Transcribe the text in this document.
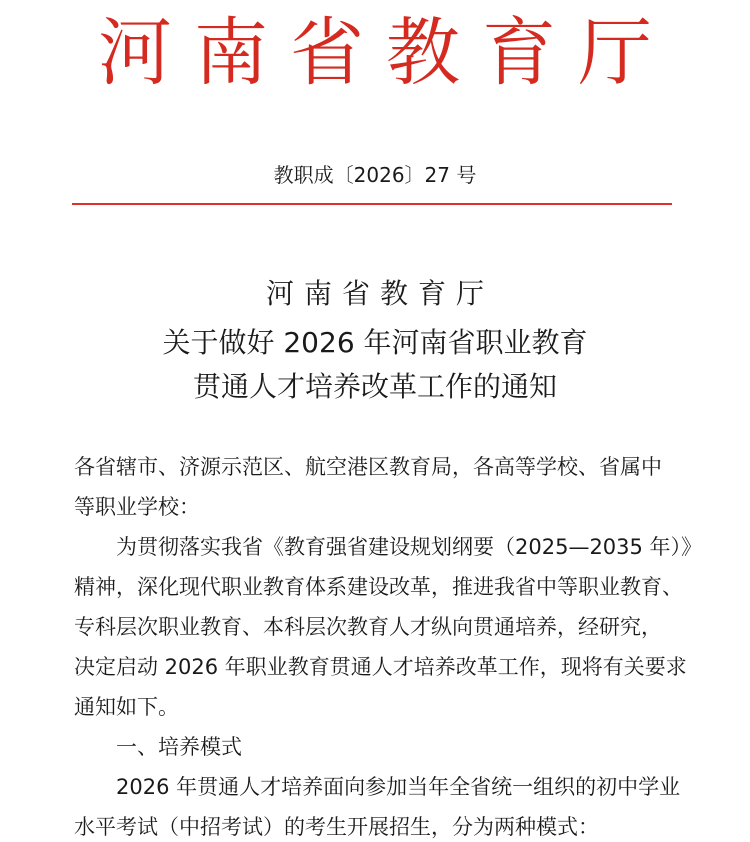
河南省教育厅
教职成〔2026〕27 号
河南省教育厅
关于做好 2026 年河南省职业教育
贯通人才培养改革工作的通知
各省辖市、济源示范区、航空港区教育局，各高等学校、省属中
等职业学校：
为贯彻落实我省《教育强省建设规划纲要（2025—2035 年）》
精神，深化现代职业教育体系建设改革，推进我省中等职业教育、
专科层次职业教育、本科层次教育人才纵向贯通培养，经研究，
决定启动 2026 年职业教育贯通人才培养改革工作，现将有关要求
通知如下。
一、培养模式
2026 年贯通人才培养面向参加当年全省统一组织的初中学业
水平考试（中招考试）的考生开展招生，分为两种模式：
